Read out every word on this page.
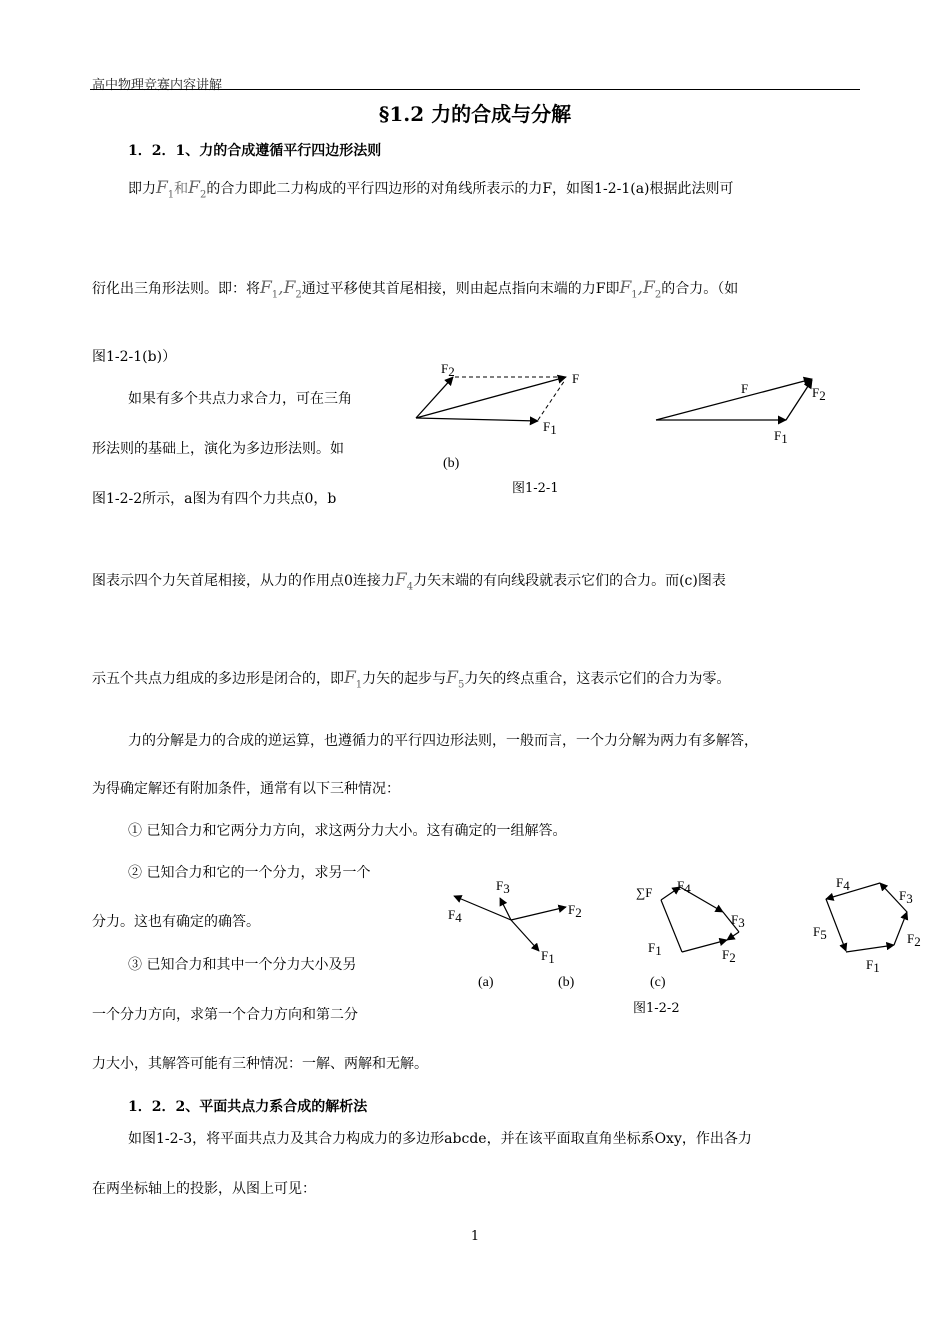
高中物理竞赛内容讲解
§1.2 力的合成与分解
1．2．1、力的合成遵循平行四边形法则
即力$F_1$和$F_2$的合力即此二力构成的平行四边形的对角线所表示的力F，如图1-2-1(a)根据此法则可
衍化出三角形法则。即：将$F_1,F_2$通过平移使其首尾相接，则由起点指向末端的力F即$F_1,F_2$的合力。（如
图1-2-1(b)）
如果有多个共点力求合力，可在三角
形法则的基础上，演化为多边形法则。如
图1-2-2所示，a图为有四个力共点0，b
F2	F
F1
(b)
F	F2
F1
图1-2-1
图表示四个力矢首尾相接，从力的作用点0连接力$F_4$力矢末端的有向线段就表示它们的合力。而(c)图表
示五个共点力组成的多边形是闭合的，即$F_1$力矢的起步与$F_5$力矢的终点重合，这表示它们的合力为零。
力的分解是力的合成的逆运算，也遵循力的平行四边形法则，一般而言，一个力分解为两力有多解答，
为得确定解还有附加条件，通常有以下三种情况：
① 已知合力和它两分力方向，求这两分力大小。这有确定的一组解答。
② 已知合力和它的一个分力，求另一个
分力。这也有确定的确答。
③ 已知合力和其中一个分力大小及另
一个分力方向，求第一个合力方向和第二分
力大小，其解答可能有三种情况：一解、两解和无解。
F3
F2
F4
F1
∑F F4
F3
F1	F2
F4
F3
F5	F2
F1
(a)	(b)	(c)
图1-2-2
1．2．2、平面共点力系合成的解析法
如图1-2-3，将平面共点力及其合力构成力的多边形abcde，并在该平面取直角坐标系Oxy，作出各力
在两坐标轴上的投影，从图上可见：
1
